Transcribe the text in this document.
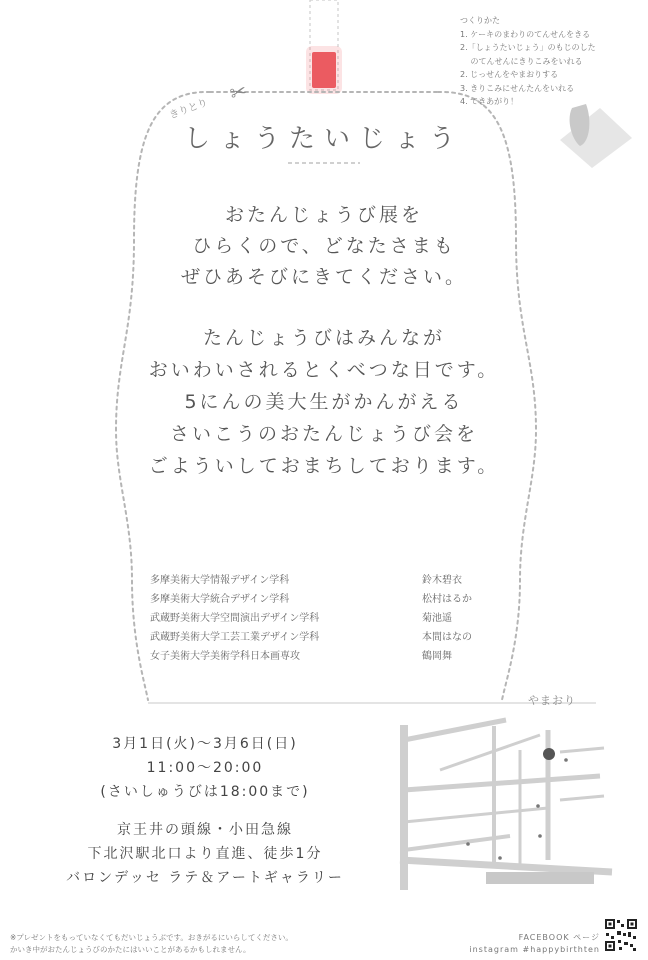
つくりかた
1. ケーキのまわりのてんせんをきる
2.「しょうたいじょう」のもじのした
　 のてんせんにきりこみをいれる
2. じっせんをやまおりする
3. きりこみにせんたんをいれる
4. できあがり！
きりとり
✂
しょうたいじょう
おたんじょうび展を
ひらくので、どなたさまも
ぜひあそびにきてください。
たんじょうびはみんなが
おいわいされるとくべつな日です。
5にんの美大生がかんがえる
さいこうのおたんじょうび会を
ごよういしておまちしております。
多摩美術大学情報デザイン学科	鈴木碧衣
多摩美術大学統合デザイン学科	松村はるか
武蔵野美術大学空間演出デザイン学科	菊池遥
武蔵野美術大学工芸工業デザイン学科	本間はなの
女子美術大学美術学科日本画専攻	鶴岡舞
やまおり
3月1日(火)〜3月6日(日)
11:00〜20:00
(さいしゅうびは18:00まで)
京王井の頭線・小田急線
下北沢駅北口より直進、徒歩1分
バロンデッセ ラテ＆アートギャラリー
※プレゼントをもっていなくてもだいじょうぶです。おきがるにいらしてください。
かいき中がおたんじょうびのかたにはいいことがあるかもしれません。
FACEBOOK ページ
instagram #happybirthten
